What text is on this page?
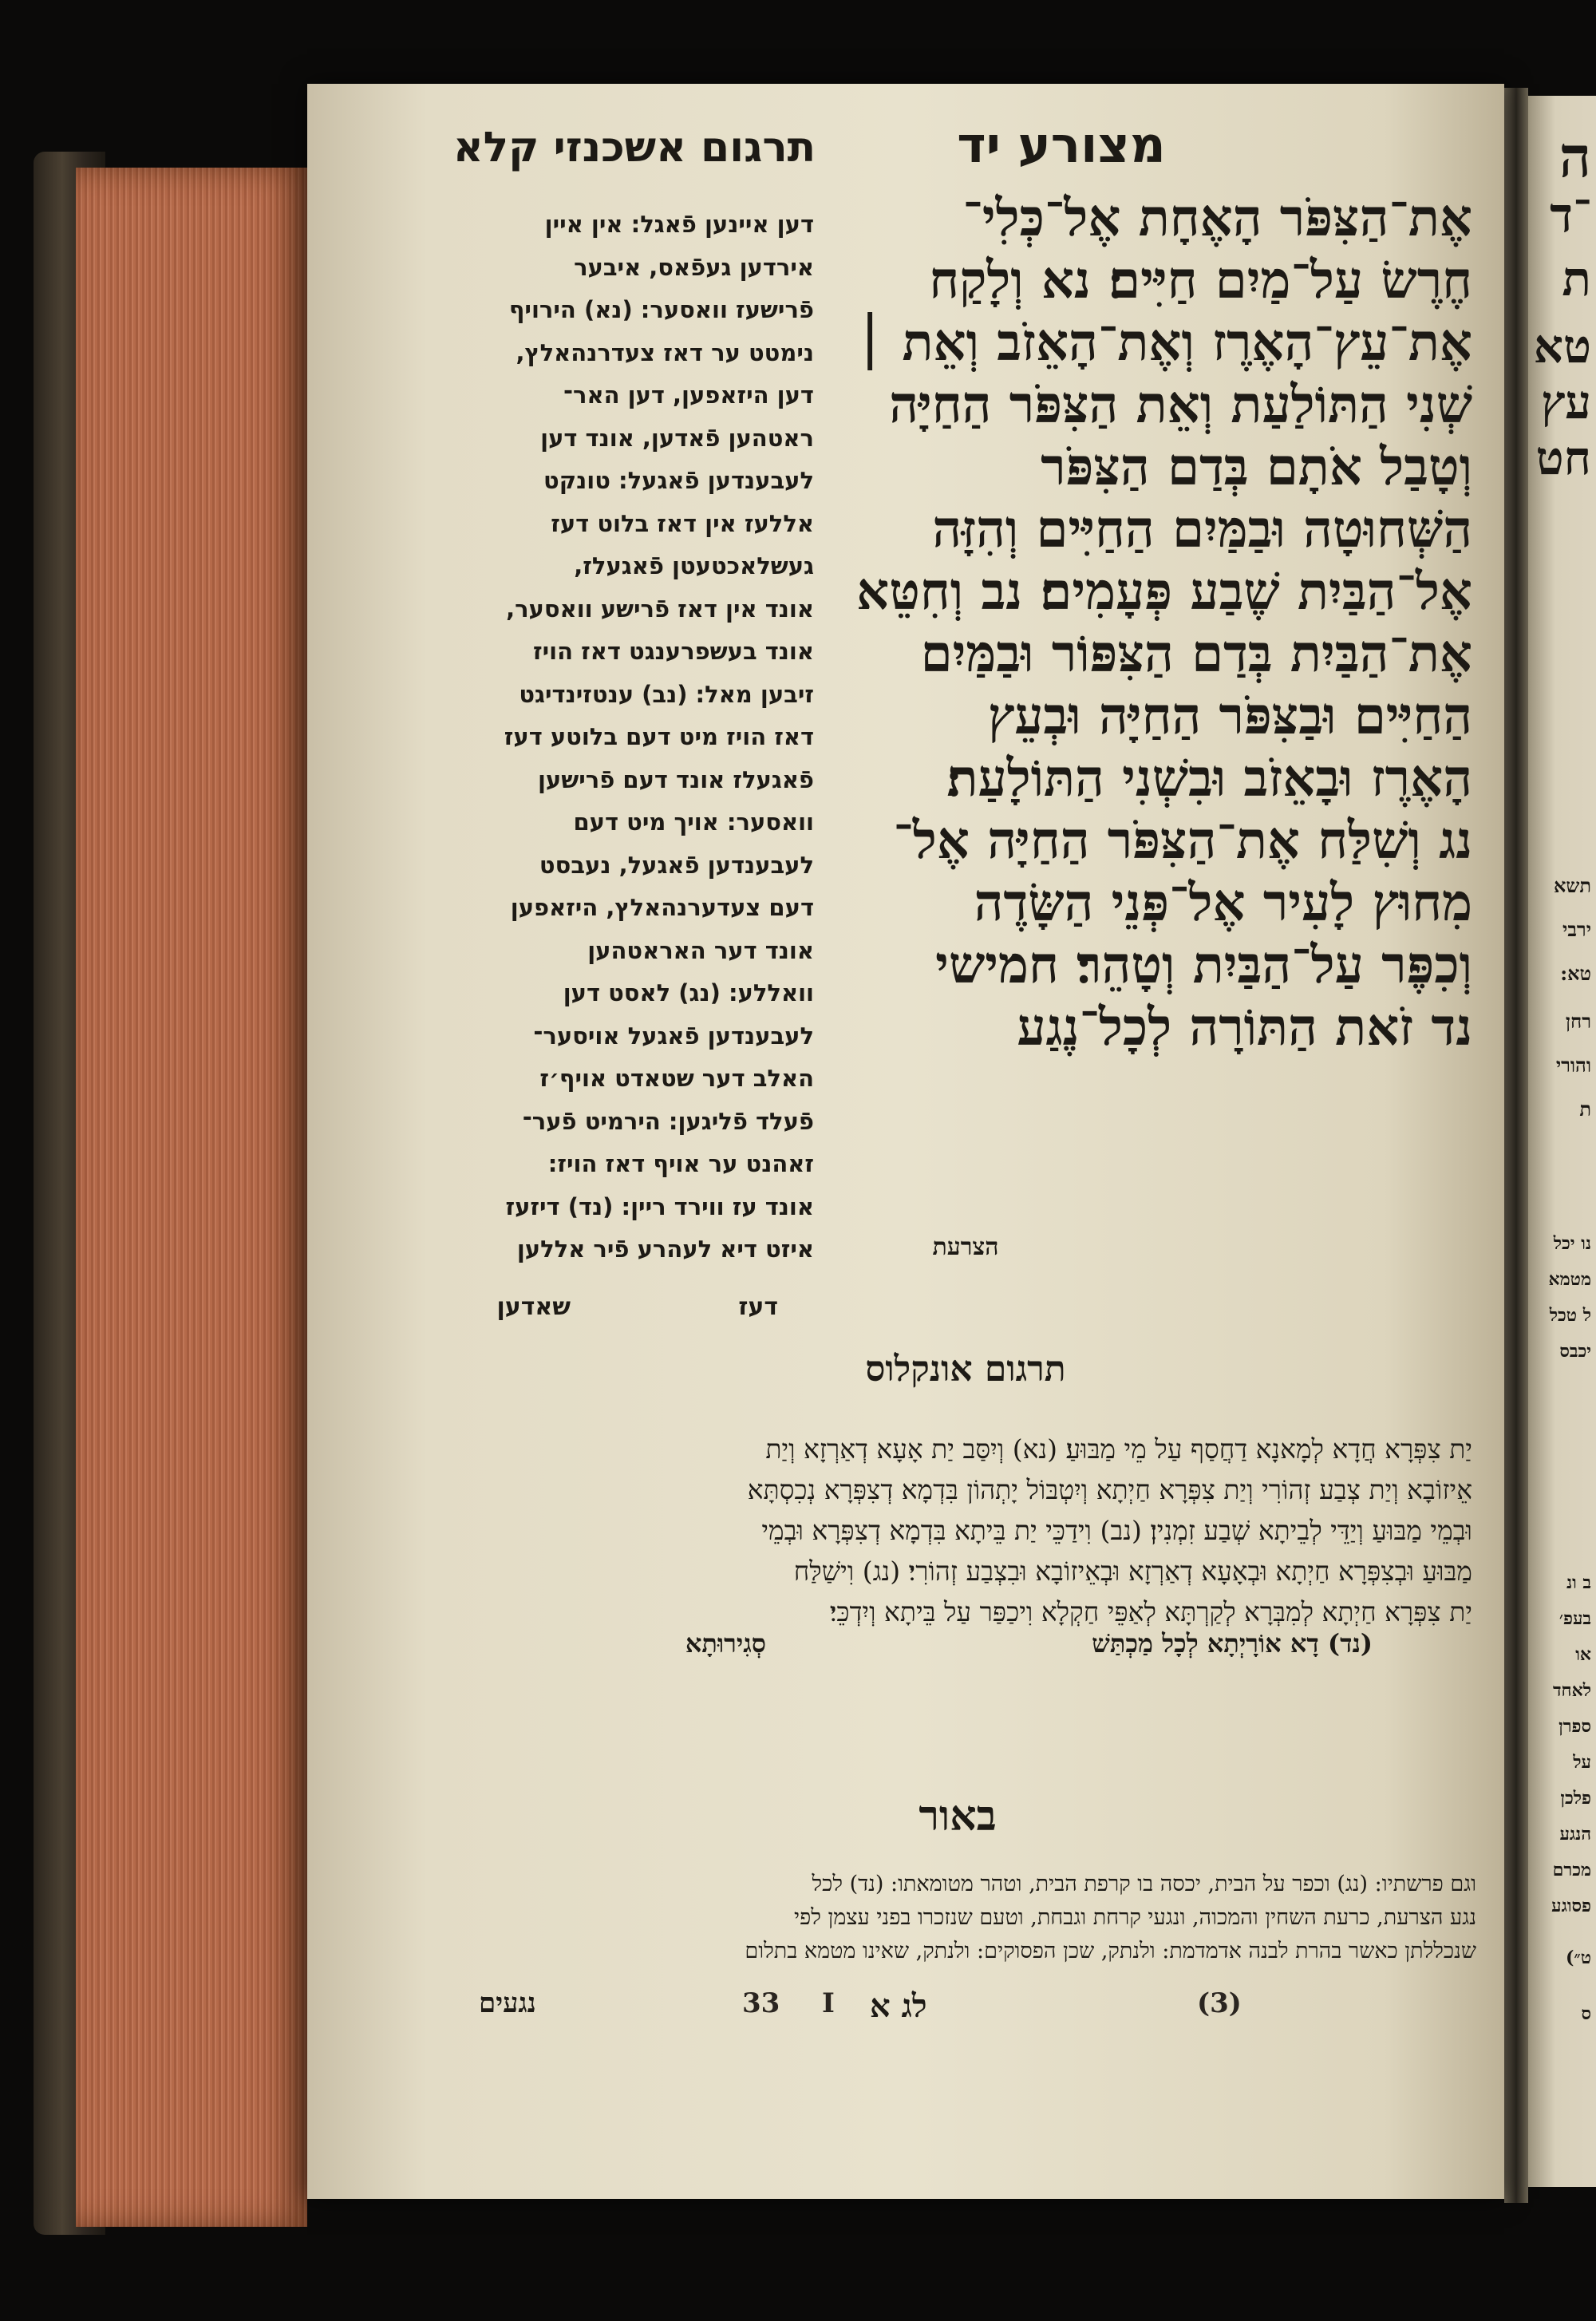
ה
־ד
ת
טא
עץ
חט
תשא
ירבי
טא:
רחן
והורי
ת
נו יכל
מטמא
ל טכל
יכבס
ב ונ
בעפ׳
או
לאחד
ספרן
על
פלכן
הנגע
מכרם
פסוגע
ט״)
ס
מצורע יד
תרגום אשכנזי קלא
אֶת־הַצִּפֹּר הָאֶחָת אֶל־כְּלִי־
חֶרֶשׂ עַל־מַיִם חַיִּים׃ נא וְלָקַח
אֶת־עֵץ־הָאֶרֶז וְאֶת־הָאֵזֹב וְאֵת ׀
שְׁנִי הַתּוֹלַעַת וְאֵת הַצִּפֹּר הַחַיָּה
וְטָבַל אֹתָם בְּדַם הַצִּפֹּר
הַשְּׁחוּטָה וּבַמַּיִם הַחַיִּים וְהִזָּה
אֶל־הַבַּיִת שֶׁבַע פְּעָמִים׃ נב וְחִטֵּא
אֶת־הַבַּיִת בְּדַם הַצִּפּוֹר וּבַמַּיִם
הַחַיִּים וּבַצִּפֹּר הַחַיָּה וּבְעֵץ
הָאֶרֶז וּבָאֵזֹב וּבִשְׁנִי הַתּוֹלָעַת׃
נג וְשִׁלַּח אֶת־הַצִּפֹּר הַחַיָּה אֶל־
מִחוּץ לָעִיר אֶל־פְּנֵי הַשָּׂדֶה
וְכִפֶּר עַל־הַבַּיִת וְטָהֵר׃ חמישי
נד זֹאת הַתּוֹרָה לְכָל־נֶגַע
הצרעת
דען איינען פֿאגל: אין איין
אירדען געפֿאס, איבער
פֿרישעז וואסער: (נא) הירויף
נימטט ער דאז צעדרנהאלץ,
דען היזאפען, דען האר־
ראטהען פֿאדען, אונד דען
לעבענדען פֿאגעל: טונקט
אללעז אין דאז בלוט דעז
געשלאכטעטן פֿאגעלז,
אונד אין דאז פֿרישע וואסער,
אונד בעשפרענגט דאז הויז
זיבען מאל: (נב) ענטזינדיגט
דאז הויז מיט דעם בלוטע דעז
פֿאגעלז אונד דעם פֿרישען
וואסער: אויך מיט דעם
לעבענדען פֿאגעל, נעבסט
דעם צעדערנהאלץ, היזאפען
אונד דער האראטהען
וואללע: (נג) לאסט דען
לעבענדען פֿאגעל אויסער־
האלב דער שטאדט אויף׳ז
פֿעלד פֿליגען: הירמיט פֿער־
זאהנט ער אויף דאז הויז:
אונד עז ווירד ריין: (נד) דיזעז
איזט דיא לעהרע פֿיר אללען
שאדען	דעז
תרגום אונקלוס
יַת צִפְּרָא חֲדָא לְמָאנָא דַחֲסַף עַל מֵי מַבּוּעַ׃ (נא) וְיִסַּב יַת אָעָא דְאַרְזָא וְיַת
אֵיזוֹבָא וְיַת צְבַע זְהוֹרִי וְיַת צִפְּרָא חַיְתָא וְיִטְבּוֹל יָתְהוֹן בִּדְמָא דְצִפְּרָא נְכִסְתָּא
וּבְמֵי מַבּוּעַ וְיַדֵּי לְבֵיתָא שְׁבַע זִמְנִין׃ (נב) וִידַכֵּי יַת בֵּיתָא בִּדְמָא דְצִפְּרָא וּבְמֵי
מַבּוּעַ וּבְצִפְּרָא חַיְתָא וּבְאָעָא דְאַרְזָא וּבְאֵיזוֹבָא וּבִצְבַע זְהוֹרִי׃ (נג) וִישַׁלַּח
יַת צִפְּרָא חַיְתָא לְמִבְּרָא לְקַרְתָּא לְאַפֵּי חַקְלָא וִיכַפַּר עַל בֵּיתָא וְיִדְכֵּי׃
(נד) דָא אוֹרָיְתָא לְכָל מַכְתַּשׁ
סְגִירוּתָא
באור
וגם פרשתיו: (נג) וכפר על הבית, יכסה בו קרפת הבית, וטהר מטומאתו: (נד) לכל
נגע הצרעת, כרעת השחין והמכוה, ונגעי קרחת וגבחת, וטעם שנזכרו בפני עצמן לפי
שנכללתן כאשר בהרת לבנה אדמדמת: ולנתק, שכן הפסוקים: ולנתק, שאינו מטמא בתלום
נגעים	33 I לג א	(3)
